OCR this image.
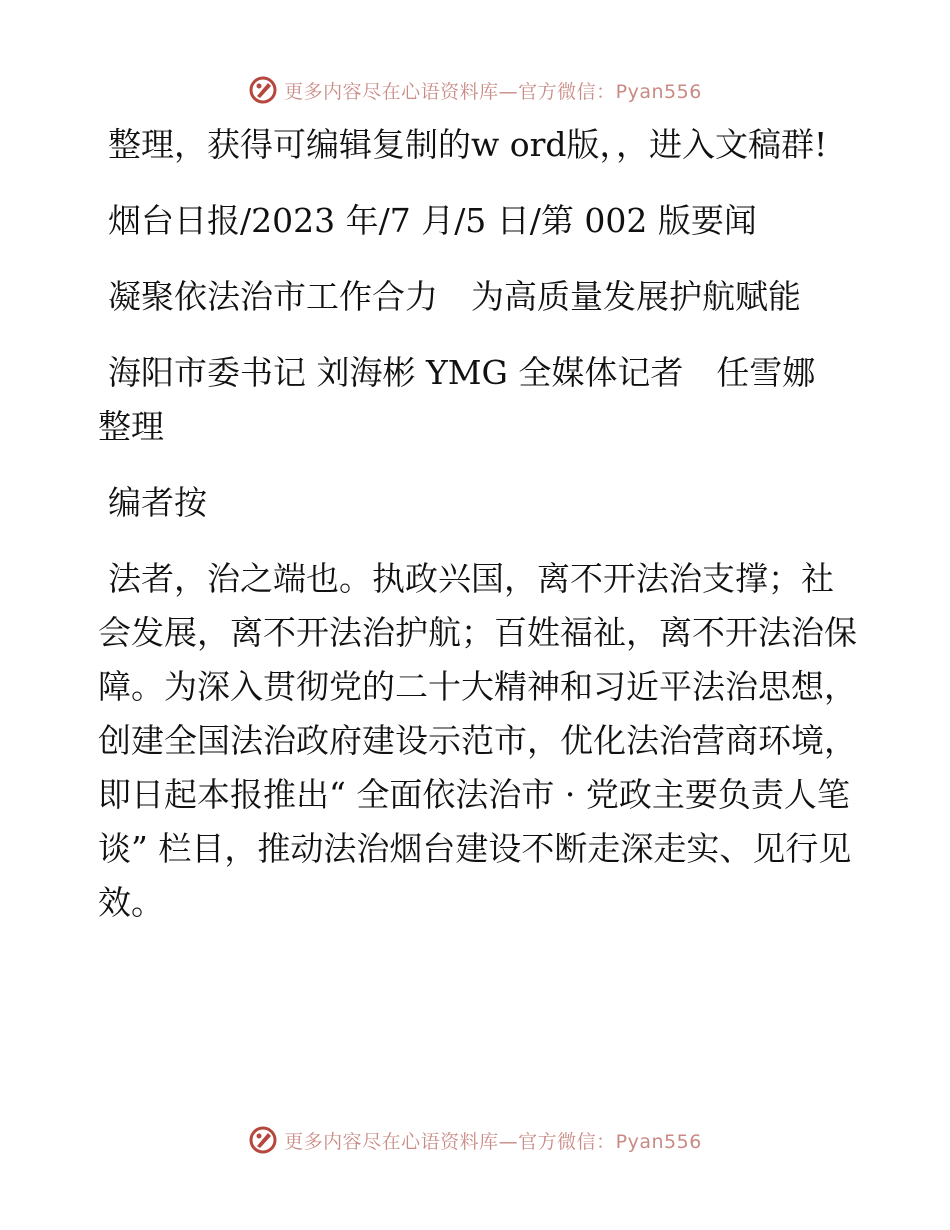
更多内容尽在心语资料库—官方微信：Pyan556

整理，获得可编辑复制的w ord版，，进入文稿群!

烟台日报/2023 年/7 月/5 日/第 002 版要闻

凝聚依法治市工作合力　为高质量发展护航赋能

海阳市委书记 刘海彬 YMG 全媒体记者　任雪娜 整理

编者按

法者，治之端也。执政兴国，离不开法治支撑；社会发展，离不开法治护航；百姓福祉，离不开法治保障。为深入贯彻党的二十大精神和习近平法治思想，创建全国法治政府建设示范市，优化法治营商环境，即日起本报推出“ 全面依法治市 · 党政主要负责人笔谈” 栏目，推动法治烟台建设不断走深走实、见行见效。

更多内容尽在心语资料库—官方微信：Pyan556
